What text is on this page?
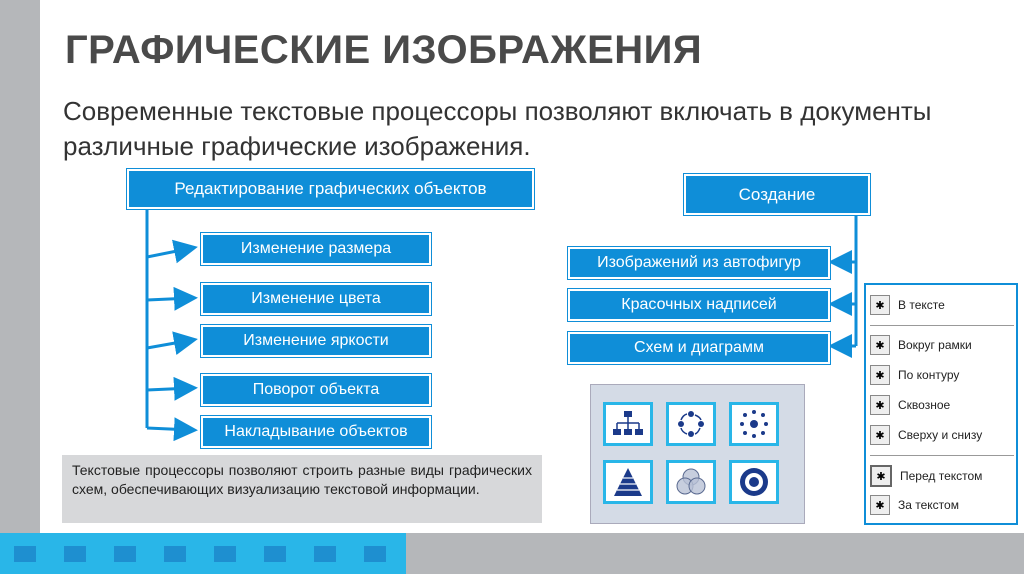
ГРАФИЧЕСКИЕ ИЗОБРАЖЕНИЯ
Современные текстовые процессоры позволяют включать в документы различные графические изображения.
Редактирование графических объектов
Изменение размера
Изменение цвета
Изменение яркости
Поворот объекта
Накладывание объектов
Создание
Изображений из автофигур
Красочных надписей
Схем и диаграмм
Текстовые процессоры позволяют строить разные виды графических схем, обеспечивающих визуализацию текстовой информации.
✱	В тексте
✱	Вокруг рамки
✱	По контуру
✱	Сквозное
✱	Сверху и снизу
✱	Перед текстом
✱	За текстом
